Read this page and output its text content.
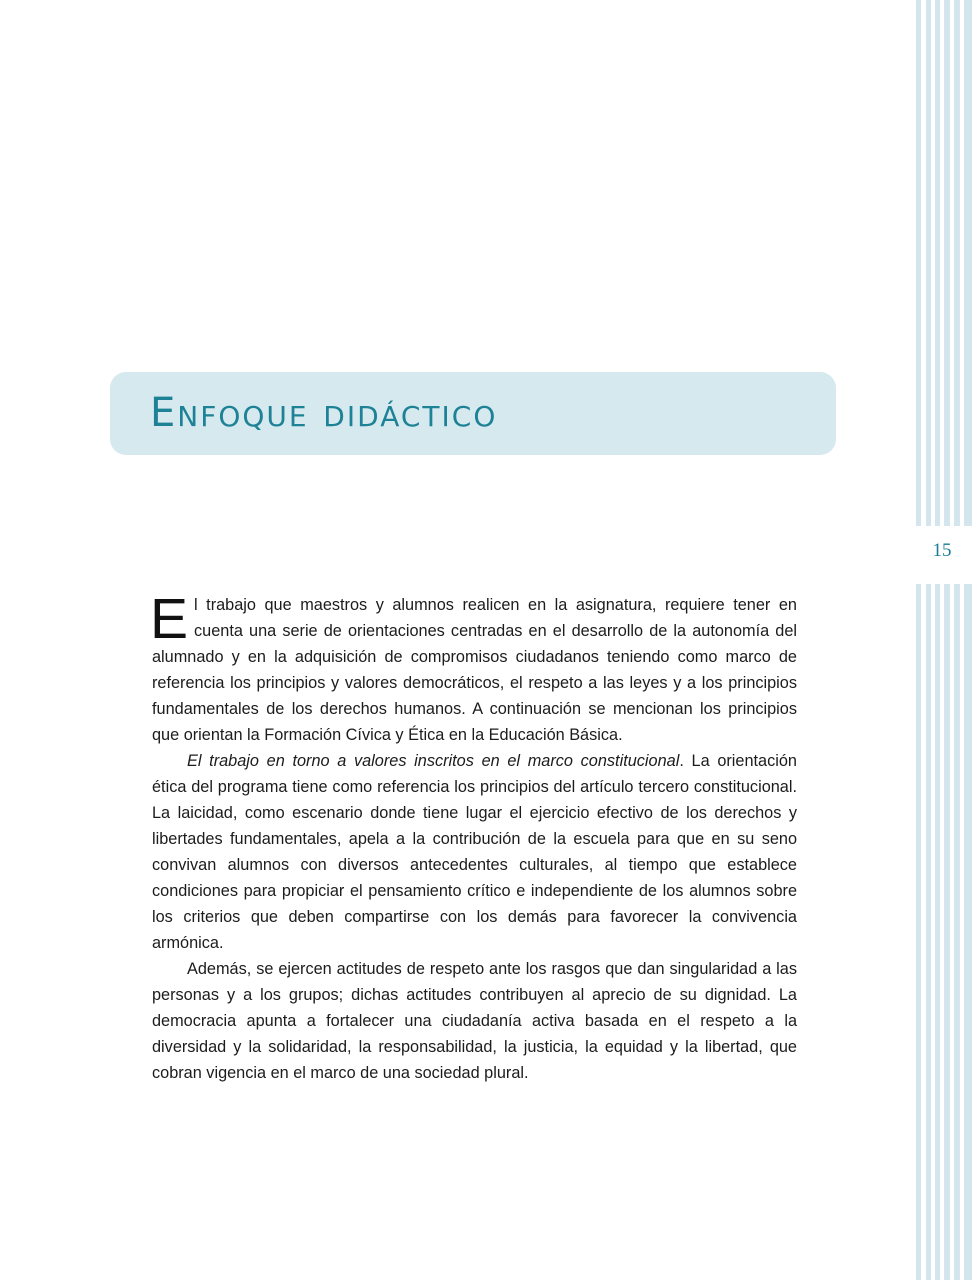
15
Enfoque didáctico

El trabajo que maestros y alumnos realicen en la asignatura, requiere tener en cuenta una serie de orientaciones centradas en el desarrollo de la autonomía del alumnado y en la adquisición de compromisos ciudadanos teniendo como marco de referencia los principios y valores democráticos, el respeto a las leyes y a los principios fundamentales de los derechos humanos. A continuación se mencionan los principios que orientan la Formación Cívica y Ética en la Educación Básica.

El trabajo en torno a valores inscritos en el marco constitucional. La orientación ética del programa tiene como referencia los principios del artículo tercero constitucional. La laicidad, como escenario donde tiene lugar el ejercicio efectivo de los derechos y libertades fundamentales, apela a la contribución de la escuela para que en su seno convivan alumnos con diversos antecedentes culturales, al tiempo que establece condiciones para propiciar el pensamiento crítico e independiente de los alumnos sobre los criterios que deben compartirse con los demás para favorecer la convivencia armónica.

Además, se ejercen actitudes de respeto ante los rasgos que dan singularidad a las personas y a los grupos; dichas actitudes contribuyen al aprecio de su dignidad. La democracia apunta a fortalecer una ciudadanía activa basada en el respeto a la diversidad y la solidaridad, la responsabilidad, la justicia, la equidad y la libertad, que cobran vigencia en el marco de una sociedad plural.
